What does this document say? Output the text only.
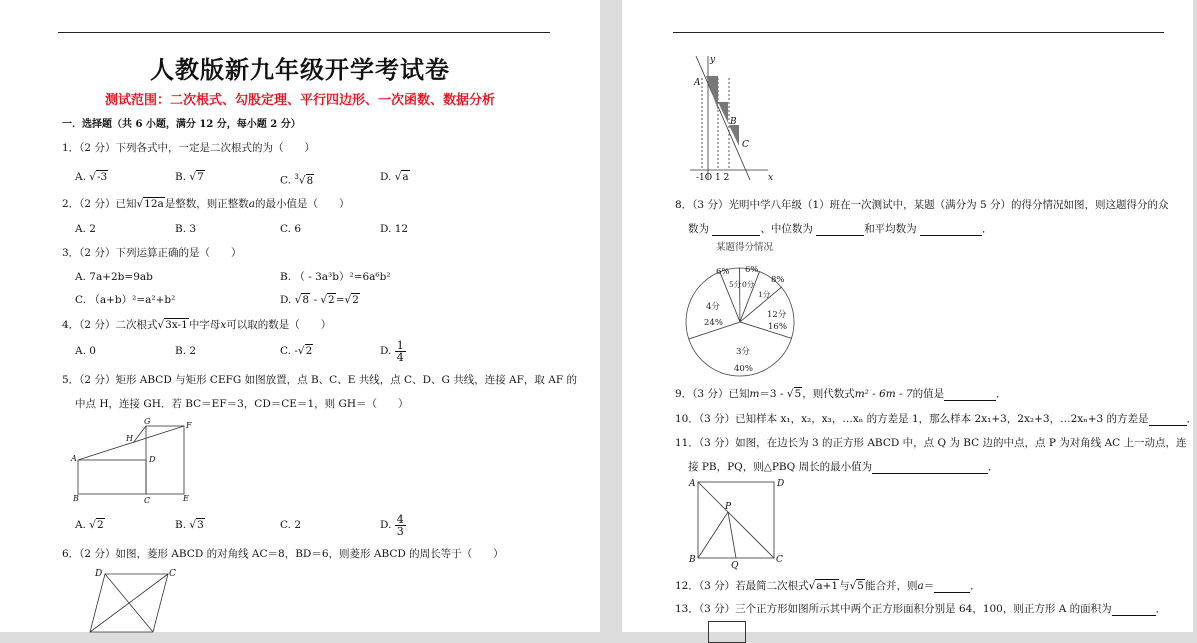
人教版新九年级开学考试卷
测试范围：二次根式、勾股定理、平行四边形、一次函数、数据分析
一．选择题（共 6 小题，满分 12 分，每小题 2 分）
1．（2 分）下列各式中，一定是二次根式的为（　　）
A. √-3	B. √7	C. $^3$√8	D. √a
2．（2 分）已知√12a是整数，则正整数a的最小值是（　　）
A. 2	B. 3	C. 6	D. 12
3．（2 分）下列运算正确的是（　　）
A. 7a+2b=9ab	B. （ - 3a³b）²=6a⁶b²
C. （a+b）²=a²+b²	D. √8 - √2=√2
4．（2 分）二次根式√3x-1中字母x可以取的数是（　　）
A. 0	B. 2	C. -√2	D. $\frac{1}{4}$
5．（2 分）矩形 ABCD 与矩形 CEFG 如图放置，点 B、C、E 共线，点 C、D、G 共线，连接 AF，取 AF 的
中点 H，连接 GH．若 BC＝EF＝3，CD＝CE＝1，则 GH＝（　　）
G	F
H
A	D
B	C	E
A. √2	B. √3	C. 2	D. $\frac{4}{3}$
6．（2 分）如图，菱形 ABCD 的对角线 AC＝8，BD＝6，则菱形 ABCD 的周长等于（　　）
D	C
y
x
A
B
C
-1O 1 2
8．（3 分）光明中学八年级（1）班在一次测试中，某题（满分为 5 分）的得分情况如图，则这题得分的众
数为	、中位数为	和平均数为	．
某题得分情况
6% 6%
8%
5分 0分
1分
4分
24%
12分
16%
3分
40%
9．（3 分）已知m＝3 - √5，则代数式m² - 6m - 7的值是	．
10．（3 分）已知样本 x₁，x₂，x₃，…xₙ 的方差是 1，那么样本 2x₁+3，2x₂+3，…2xₙ+3 的方差是	．
11．（3 分）如图，在边长为 3 的正方形 ABCD 中，点 Q 为 BC 边的中点，点 P 为对角线 AC 上一动点，连
接 PB，PQ，则△PBQ 周长的最小值为	．
A	D
P
B
Q
C
12．（3 分）若最简二次根式√a+1与√5能合并，则a＝	．
13．（3 分）三个正方形如图所示其中两个正方形面积分别是 64，100，则正方形 A 的面积为	．
